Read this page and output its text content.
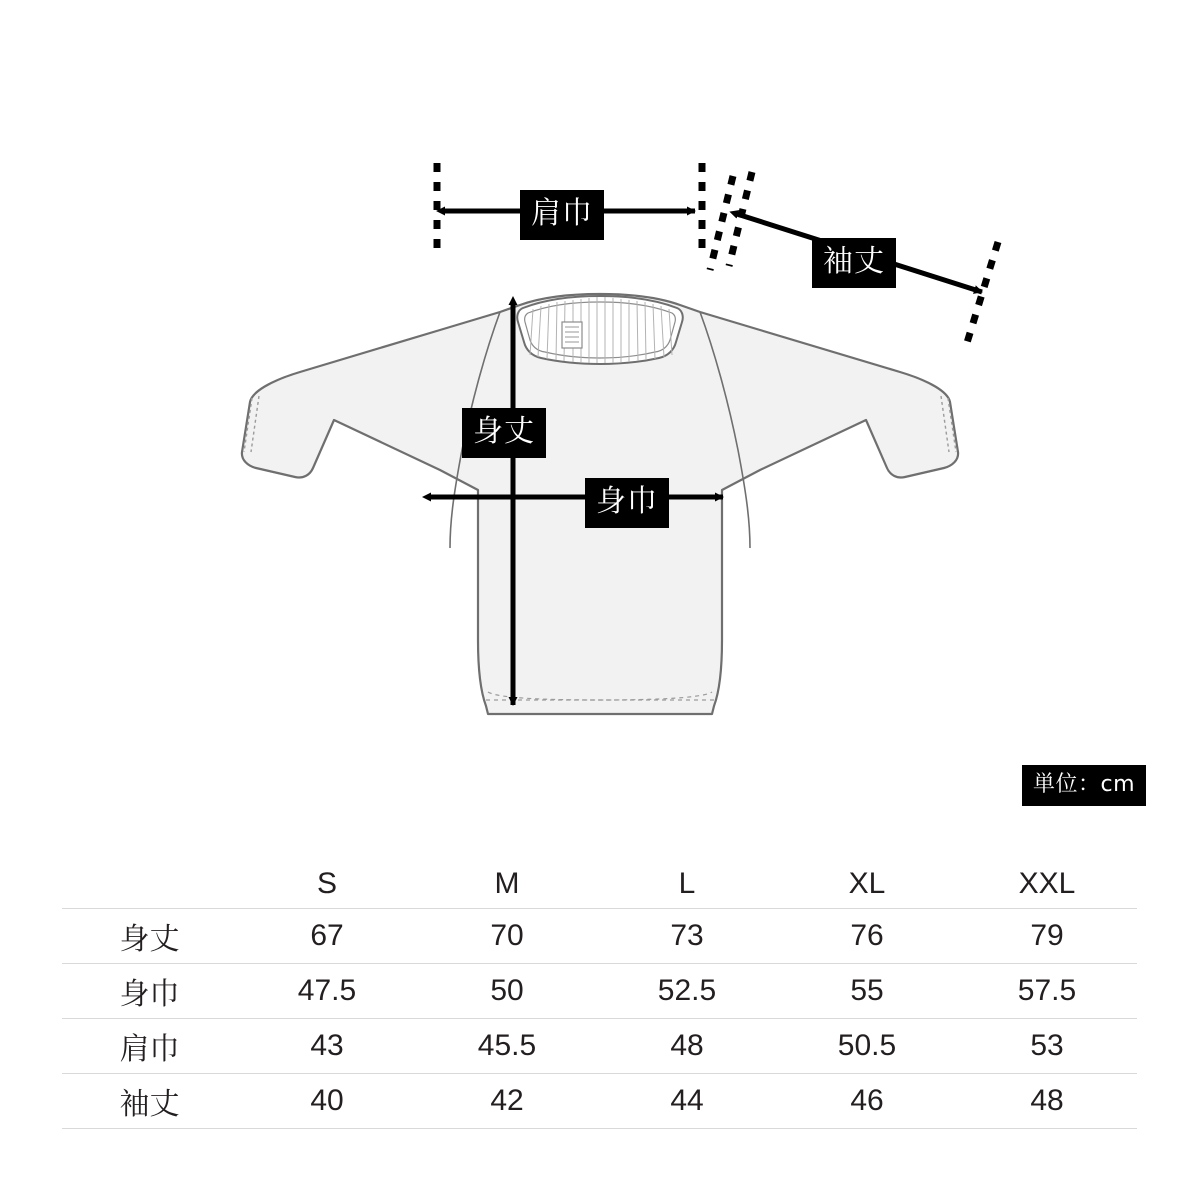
肩巾
袖丈
身丈
身巾
単位：cm
	S	M	L	XL	XXL
身丈	67	70	73	76	79
身巾	47.5	50	52.5	55	57.5
肩巾	43	45.5	48	50.5	53
袖丈	40	42	44	46	48
